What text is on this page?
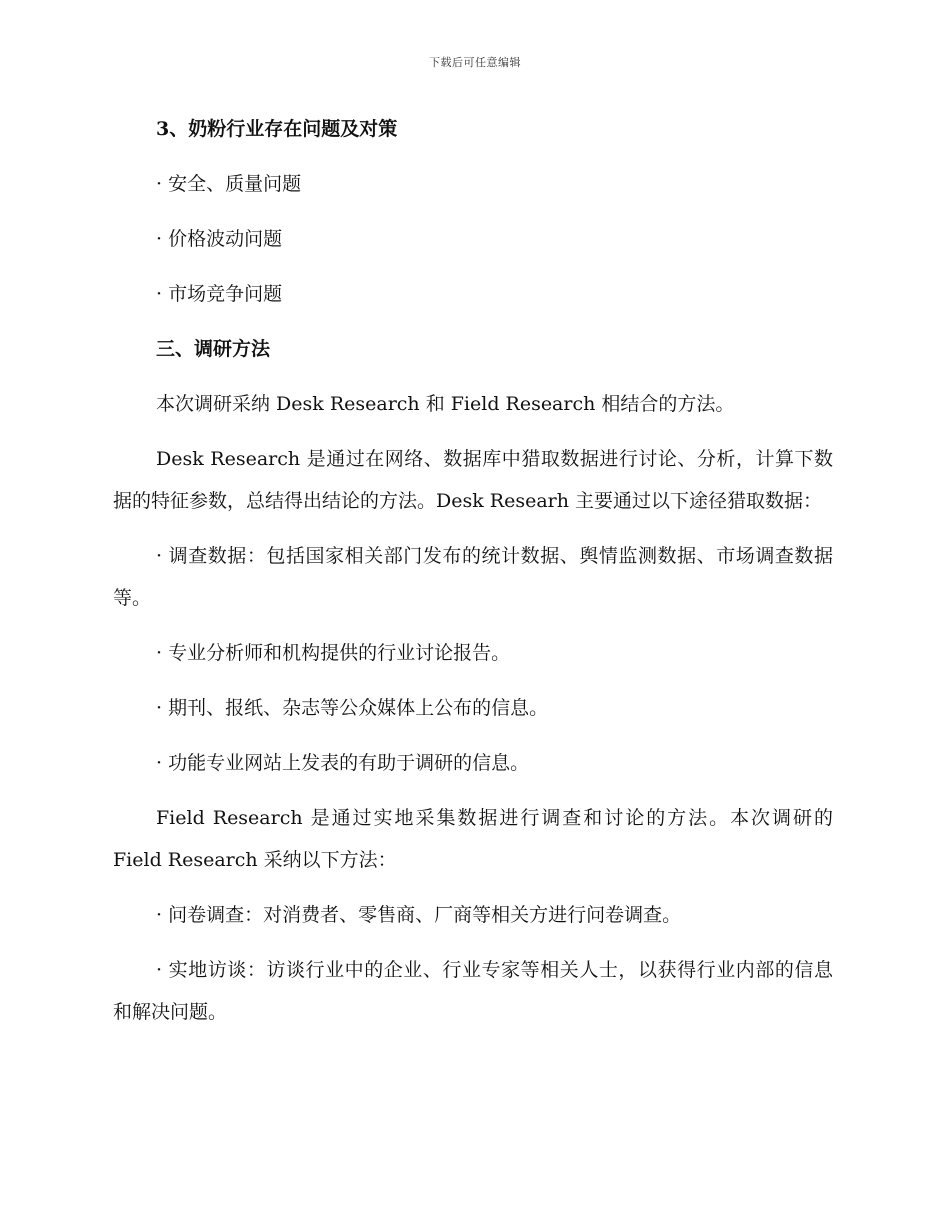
下载后可任意编辑

3、奶粉行业存在问题及对策

· 安全、质量问题

· 价格波动问题

· 市场竞争问题

三、调研方法

本次调研采纳 Desk Research 和 Field Research 相结合的方法。

Desk Research 是通过在网络、数据库中猎取数据进行讨论、分析，计算下数据的特征参数，总结得出结论的方法。Desk Researh 主要通过以下途径猎取数据：

· 调查数据：包括国家相关部门发布的统计数据、舆情监测数据、市场调查数据等。

· 专业分析师和机构提供的行业讨论报告。

· 期刊、报纸、杂志等公众媒体上公布的信息。

· 功能专业网站上发表的有助于调研的信息。

Field Research 是通过实地采集数据进行调查和讨论的方法。本次调研的 Field Research 采纳以下方法：

· 问卷调查：对消费者、零售商、厂商等相关方进行问卷调查。

· 实地访谈：访谈行业中的企业、行业专家等相关人士，以获得行业内部的信息和解决问题。
